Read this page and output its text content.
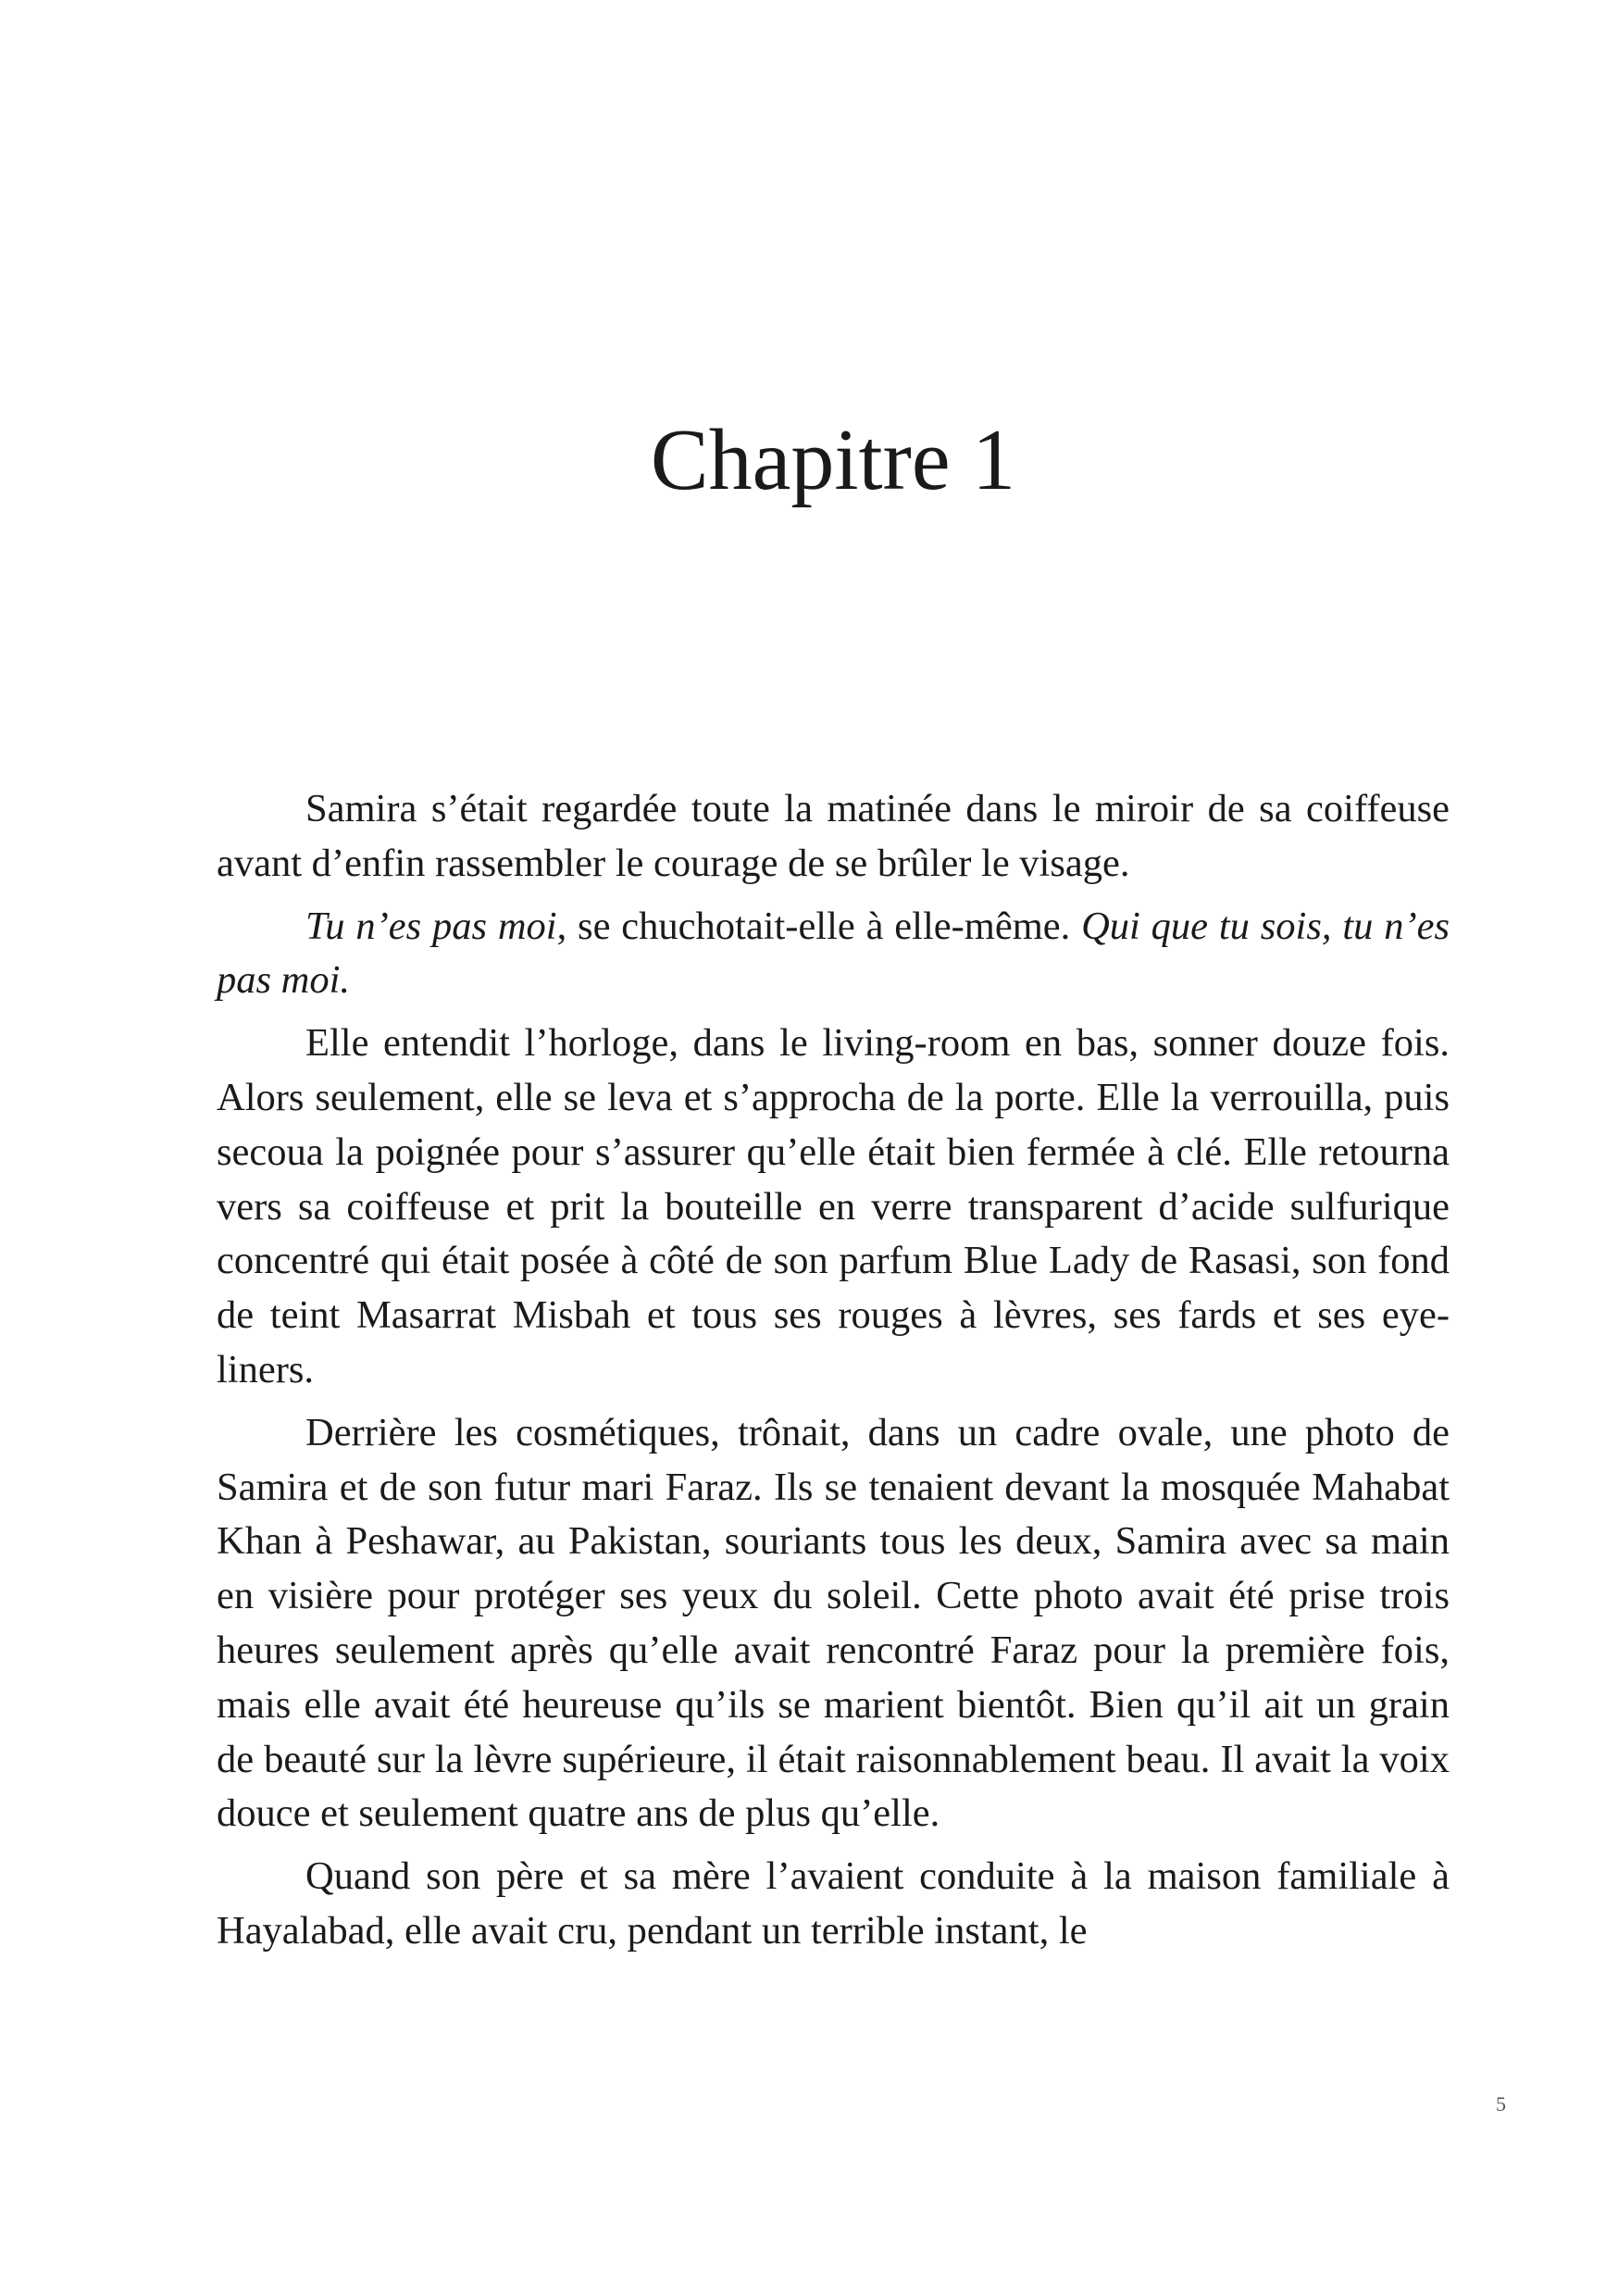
Chapitre 1

Samira s’était regardée toute la matinée dans le miroir de sa coiffeuse avant d’enfin rassembler le courage de se brûler le visage.

Tu n’es pas moi, se chuchotait-elle à elle-même. Qui que tu sois, tu n’es pas moi.

Elle entendit l’horloge, dans le living-room en bas, sonner douze fois. Alors seulement, elle se leva et s’approcha de la porte. Elle la verrouilla, puis secoua la poignée pour s’assurer qu’elle était bien fermée à clé. Elle retourna vers sa coiffeuse et prit la bouteille en verre transparent d’acide sulfurique concentré qui était posée à côté de son parfum Blue Lady de Rasasi, son fond de teint Masarrat Misbah et tous ses rouges à lèvres, ses fards et ses eye-liners.

Derrière les cosmétiques, trônait, dans un cadre ovale, une photo de Samira et de son futur mari Faraz. Ils se tenaient devant la mosquée Mahabat Khan à Peshawar, au Pakistan, souriants tous les deux, Samira avec sa main en visière pour protéger ses yeux du soleil. Cette photo avait été prise trois heures seulement après qu’elle avait rencontré Faraz pour la première fois, mais elle avait été heureuse qu’ils se marient bientôt. Bien qu’il ait un grain de beauté sur la lèvre supérieure, il était raisonnablement beau. Il avait la voix douce et seulement quatre ans de plus qu’elle.

Quand son père et sa mère l’avaient conduite à la maison familiale à Hayalabad, elle avait cru, pendant un terrible instant, le

5
